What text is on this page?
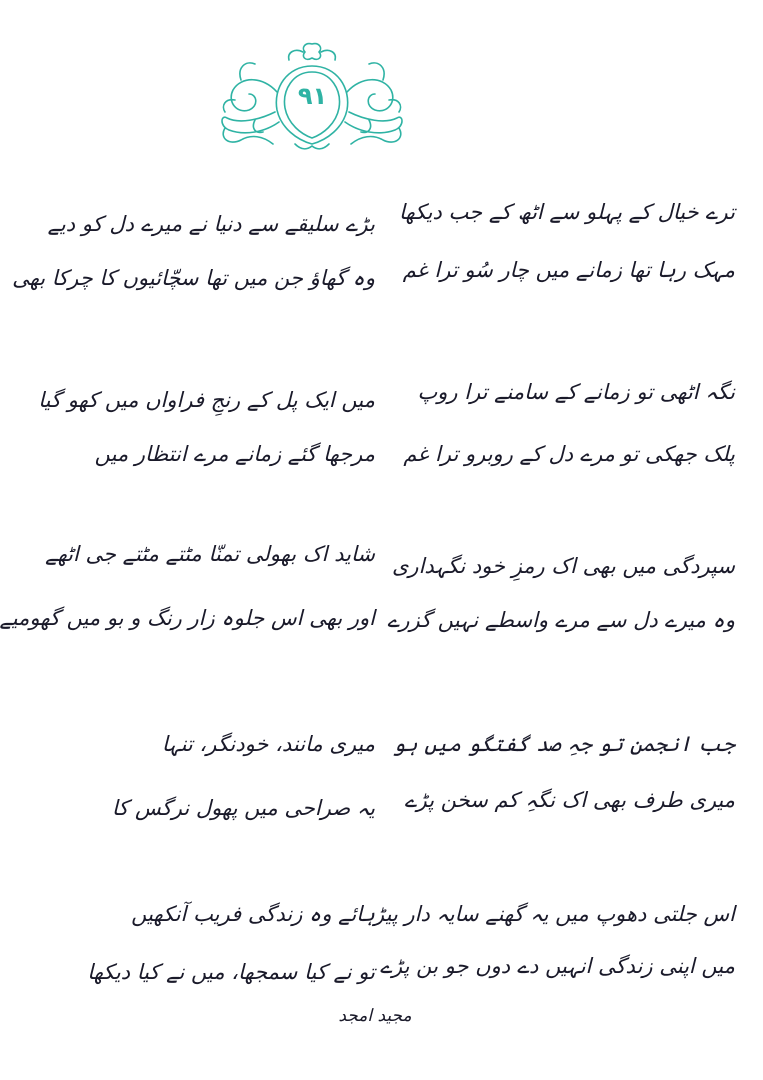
۹۱
ترے خیال کے پہلو سے اٹھ کے جب دیکھا
مہک رہا تھا زمانے میں چار سُو ترا غم
بڑے سلیقے سے دنیا نے میرے دل کو دیے
وہ گھاؤ جن میں تھا سچّائیوں کا چرکا بھی
نگہ اٹھی تو زمانے کے سامنے ترا روپ
پلک جھکی تو مرے دل کے روبرو ترا غم
میں ایک پل کے رنجِ فراواں میں کھو گیا
مرجھا گئے زمانے مرے انتظار میں
سپردگی میں بھی اک رمزِ خود نگہداری
وہ میرے دل سے مرے واسطے نہیں گزرے
شاید اک بھولی تمنّا مٹتے مٹتے جی اٹھے
اور بھی اس جلوہ زار رنگ و بو میں گھومیے
جب انجمن تو جہِ صد گفتگو میں ہو
میری طرف بھی اک نگہِ کم سخن پڑے
میری مانند، خودنگر، تنہا
یہ صراحی میں پھول نرگس کا
اس جلتی دھوپ میں یہ گھنے سایہ دار پیڑ
میں اپنی زندگی انہیں دے دوں جو بن پڑے
ہائے وہ زندگی فریب آنکھیں
تو نے کیا سمجھا، میں نے کیا دیکھا
مجید امجد
